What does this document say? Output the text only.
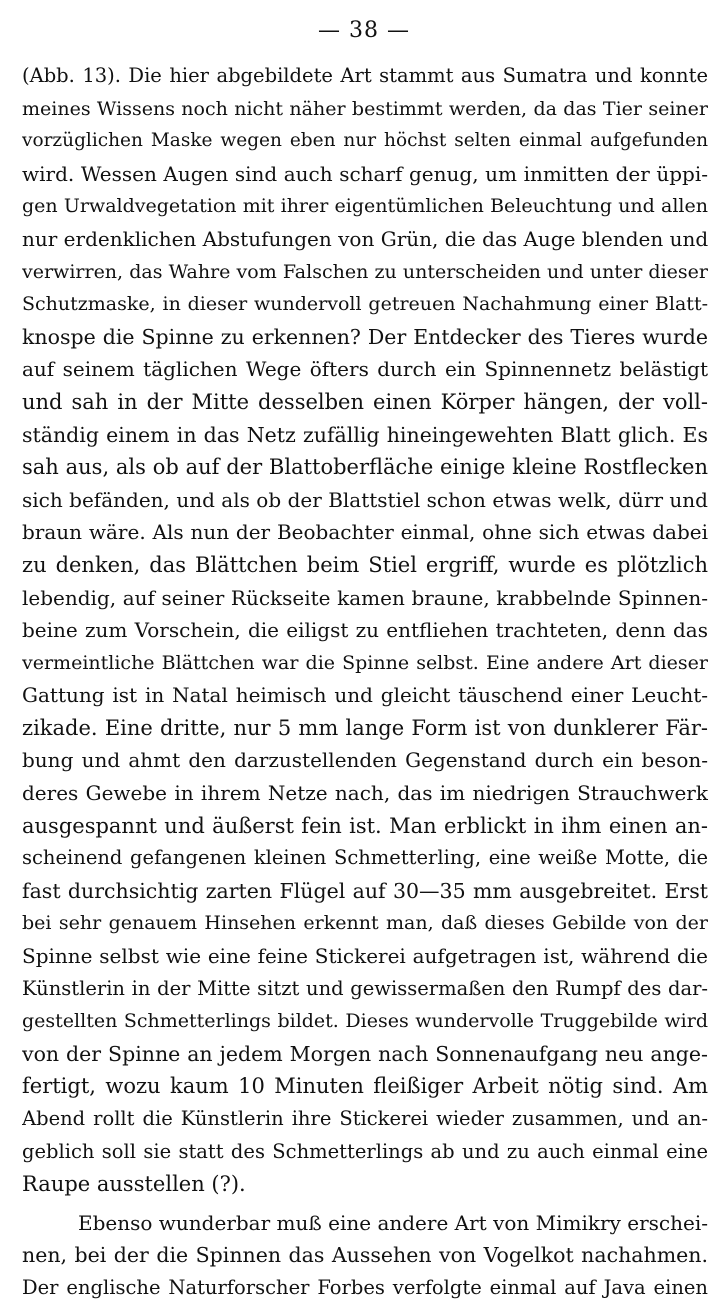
— 38 —
(Abb. 13). Die hier abgebildete Art stammt aus Sumatra und konnte
meines Wissens noch nicht näher bestimmt werden, da das Tier seiner
vorzüglichen Maske wegen eben nur höchst selten einmal aufgefunden
wird. Wessen Augen sind auch scharf genug, um inmitten der üppi-
gen Urwaldvegetation mit ihrer eigentümlichen Beleuchtung und allen
nur erdenklichen Abstufungen von Grün, die das Auge blenden und
verwirren, das Wahre vom Falschen zu unterscheiden und unter dieser
Schutzmaske, in dieser wundervoll getreuen Nachahmung einer Blatt-
knospe die Spinne zu erkennen? Der Entdecker des Tieres wurde
auf seinem täglichen Wege öfters durch ein Spinnennetz belästigt
und sah in der Mitte desselben einen Körper hängen, der voll-
ständig einem in das Netz zufällig hineingewehten Blatt glich. Es
sah aus, als ob auf der Blattoberfläche einige kleine Rostflecken
sich befänden, und als ob der Blattstiel schon etwas welk, dürr und
braun wäre. Als nun der Beobachter einmal, ohne sich etwas dabei
zu denken, das Blättchen beim Stiel ergriff, wurde es plötzlich
lebendig, auf seiner Rückseite kamen braune, krabbelnde Spinnen-
beine zum Vorschein, die eiligst zu entfliehen trachteten, denn das
vermeintliche Blättchen war die Spinne selbst. Eine andere Art dieser
Gattung ist in Natal heimisch und gleicht täuschend einer Leucht-
zikade. Eine dritte, nur 5 mm lange Form ist von dunklerer Fär-
bung und ahmt den darzustellenden Gegenstand durch ein beson-
deres Gewebe in ihrem Netze nach, das im niedrigen Strauchwerk
ausgespannt und äußerst fein ist. Man erblickt in ihm einen an-
scheinend gefangenen kleinen Schmetterling, eine weiße Motte, die
fast durchsichtig zarten Flügel auf 30—35 mm ausgebreitet. Erst
bei sehr genauem Hinsehen erkennt man, daß dieses Gebilde von der
Spinne selbst wie eine feine Stickerei aufgetragen ist, während die
Künstlerin in der Mitte sitzt und gewissermaßen den Rumpf des dar-
gestellten Schmetterlings bildet. Dieses wundervolle Truggebilde wird
von der Spinne an jedem Morgen nach Sonnenaufgang neu ange-
fertigt, wozu kaum 10 Minuten fleißiger Arbeit nötig sind. Am
Abend rollt die Künstlerin ihre Stickerei wieder zusammen, und an-
geblich soll sie statt des Schmetterlings ab und zu auch einmal eine
Raupe ausstellen (?).
Ebenso wunderbar muß eine andere Art von Mimikry erschei-
nen, bei der die Spinnen das Aussehen von Vogelkot nachahmen.
Der englische Naturforscher Forbes verfolgte einmal auf Java einen
